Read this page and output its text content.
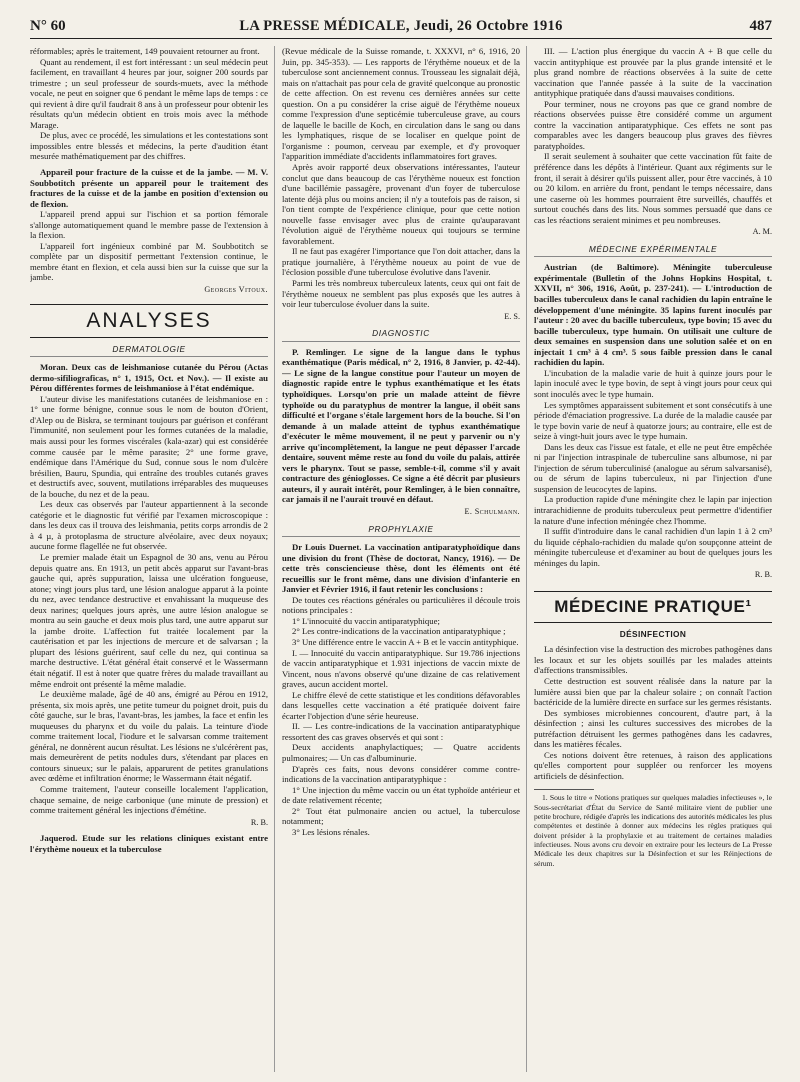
N° 60	LA PRESSE MÉDICALE, Jeudi, 26 Octobre 1916	487

réformables; après le traitement, 149 pouvaient retourner au front.

Quant au rendement, il est fort intéressant : un seul médecin peut facilement, en travaillant 4 heures par jour, soigner 200 sourds par trimestre ; un seul professeur de sourds-muets, avec la méthode vocale, ne peut en soigner que 6 pendant le même laps de temps : ce qui revient à dire qu'il faudrait 8 ans à un professeur pour obtenir les résultats qu'un médecin obtient en trois mois avec la méthode Marage.

De plus, avec ce procédé, les simulations et les contestations sont impossibles entre blessés et médecins, la perte d'audition étant mesurée mathématiquement par des chiffres.

Appareil pour fracture de la cuisse et de la jambe. — M. V. Soubbotitch présente un appareil pour le traitement des fractures de la cuisse et de la jambe en position d'extension ou de flexion.

L'appareil prend appui sur l'ischion et sa portion fémorale s'allonge automatiquement quand le membre passe de l'extension à la flexion.

L'appareil fort ingénieux combiné par M. Soubbotitch se complète par un dispositif permettant l'extension continue, le membre étant en flexion, et cela aussi bien sur la cuisse que sur la jambe.

Georges Vitoux.
ANALYSES
DERMATOLOGIE

Moran. Deux cas de leishmaniose cutanée du Pérou (Actas dermo-sifiliograficas, n° 1, 1915, Oct. et Nov.). — Il existe au Pérou différentes formes de leishmaniose à l'état endémique.

L'auteur divise les manifestations cutanées de leishmaniose en : 1° une forme bénigne, connue sous le nom de bouton d'Orient, d'Alep ou de Biskra, se terminant toujours par guérison et conférant l'immunité, non seulement pour les formes cutanées de la maladie, mais aussi pour les formes viscérales (kala-azar) qui est considérée comme causée par le même parasite; 2° une forme grave, endémique dans l'Amérique du Sud, connue sous le nom d'ulcère brésilien, Bauru, Spundia, qui entraîne des troubles cutanés graves et destructifs avec, souvent, mutilations irréparables des muqueuses de la bouche, du nez et de la peau.

Les deux cas observés par l'auteur appartiennent à la seconde catégorie et le diagnostic fut vérifié par l'examen microscopique : dans les deux cas il trouva des leishmania, petits corps arrondis de 2 à 4 µ, à protoplasma de structure alvéolaire, avec deux noyaux; aucune forme flagellée ne fut observée.

Le premier malade était un Espagnol de 30 ans, venu au Pérou depuis quatre ans. En 1913, un petit abcès apparut sur l'avant-bras gauche qui, après suppuration, laissa une ulcération fongueuse, atone; vingt jours plus tard, une lésion analogue apparut à la pointe du nez, avec tendance destructive et envahissant la muqueuse des deux narines; quelques jours après, une autre lésion analogue se montra au sein gauche et deux mois plus tard, une autre apparut sur la jambe droite. L'affection fut traitée localement par la cautérisation et par les injections de mercure et de salvarsan ; la plupart des lésions guérirent, sauf celle du nez, qui continua sa marche destructive. L'état général était conservé et le Wassermann était négatif. Il est à noter que quatre frères du malade travaillant au même endroit ont présenté la même maladie.

Le deuxième malade, âgé de 40 ans, émigré au Pérou en 1912, présenta, six mois après, une petite tumeur du poignet droit, puis du côté gauche, sur le bras, l'avant-bras, les jambes, la face et enfin les muqueuses du pharynx et du voile du palais. La teinture d'iode comme traitement local, l'iodure et le salvarsan comme traitement général, ne donnèrent aucun résultat. Les lésions ne s'ulcérèrent pas, mais demeurèrent de petits nodules durs, s'étendant par places en contours sinueux; sur le palais, apparurent de petites granulations avec œdème et infiltration énorme; le Wassermann était négatif.

Comme traitement, l'auteur conseille localement l'application, chaque semaine, de neige carbonique (une minute de pression) et comme traitement général les injections d'émétine.

R. B.

Jaquerod. Etude sur les relations cliniques existant entre l'érythème noueux et la tuberculose

(Revue médicale de la Suisse romande, t. XXXVI, n° 6, 1916, 20 Juin, pp. 345-353). — Les rapports de l'érythème noueux et de la tuberculose sont anciennement connus. Trousseau les signalait déjà, mais on n'attachait pas pour cela de gravité quelconque au pronostic de cette affection. On est revenu ces dernières années sur cette question. On a pu considérer la crise aiguë de l'érythème noueux comme l'expression d'une septicémie tuberculeuse grave, au cours de laquelle le bacille de Koch, en circulation dans le sang ou dans les lymphatiques, risque de se localiser en quelque point de l'organisme : poumon, cerveau par exemple, et d'y provoquer l'apparition immédiate d'accidents inflammatoires fort graves.

Après avoir rapporté deux observations intéressantes, l'auteur conclut que dans beaucoup de cas l'érythème noueux est fonction d'une bacillémie passagère, provenant d'un foyer de tuberculose latente déjà plus ou moins ancien; il n'y a toutefois pas de raison, si l'on tient compte de l'expérience clinique, pour que cette notion nouvelle fasse envisager avec plus de crainte qu'auparavant l'évolution aiguë de l'érythème noueux qui toujours se termine favorablement.

Il ne faut pas exagérer l'importance que l'on doit attacher, dans la pratique journalière, à l'érythème noueux au point de vue de l'éclosion possible d'une tuberculose évolutive dans l'avenir.

Parmi les très nombreux tuberculeux latents, ceux qui ont fait de l'érythème noueux ne semblent pas plus exposés que les autres à voir leur tuberculose évoluer dans la suite.

E. S.
DIAGNOSTIC

P. Remlinger. Le signe de la langue dans le typhus exanthématique (Paris médical, n° 2, 1916, 8 Janvier, p. 42-44). — Le signe de la langue constitue pour l'auteur un moyen de diagnostic rapide entre le typhus exanthématique et les états typhoïdiques. Lorsqu'on prie un malade atteint de fièvre typhoïde ou du paratyphus de montrer la langue, il obéit sans difficulté et l'organe s'étale largement hors de la bouche. Si l'on demande à un malade atteint de typhus exanthématique d'exécuter le même mouvement, il ne peut y parvenir ou n'y arrive qu'incomplètement, la langue ne peut dépasser l'arcade dentaire, souvent même reste au fond du voile du palais, attirée vers le pharynx. Tout se passe, semble-t-il, comme s'il y avait contracture des génioglosses. Ce signe a été décrit par plusieurs auteurs, il y aurait intérêt, pour Remlinger, à le bien connaître, car jamais il ne l'aurait trouvé en défaut.

E. Schulmann.
PROPHYLAXIE

Dr Louis Duernet. La vaccination antiparatyphoïdique dans une division du front (Thèse de doctorat, Nancy, 1916). — De cette très consciencieuse thèse, dont les éléments ont été recueillis sur le front même, dans une division d'infanterie en Janvier et Février 1916, il faut retenir les conclusions :

De toutes ces réactions générales ou particulières il découle trois notions principales :

1° L'innocuité du vaccin antiparatyphique;

2° Les contre-indications de la vaccination antiparatyphique ;

3° Une différence entre le vaccin A + B et le vaccin antityphique.

I. — Innocuité du vaccin antiparatyphique. Sur 19.786 injections de vaccin antiparatyphique et 1.931 injections de vaccin mixte de Vincent, nous n'avons observé qu'une dizaine de cas relativement graves, aucun accident mortel.

Le chiffre élevé de cette statistique et les conditions défavorables dans lesquelles cette vaccination a été pratiquée doivent faire écarter l'objection d'une série heureuse.

II. — Les contre-indications de la vaccination antiparatyphique ressortent des cas graves observés et qui sont :

Deux accidents anaphylactiques; — Quatre accidents pulmonaires; — Un cas d'albuminurie.

D'après ces faits, nous devons considérer comme contre-indications de la vaccination antiparatyphique :

1° Une injection du même vaccin ou un état typhoïde antérieur et de date relativement récente;

2° Tout état pulmonaire ancien ou actuel, la tuberculose notamment;

3° Les lésions rénales.

III. — L'action plus énergique du vaccin A + B que celle du vaccin antityphique est prouvée par la plus grande intensité et le plus grand nombre de réactions observées à la suite de cette vaccination que l'année passée à la suite de la vaccination antityphique pratiquée dans d'aussi mauvaises conditions.

Pour terminer, nous ne croyons pas que ce grand nombre de réactions observées puisse être considéré comme un argument contre la vaccination antiparatyphique. Ces effets ne sont pas comparables avec les dangers beaucoup plus graves des fièvres paratyphoïdes.

Il serait seulement à souhaiter que cette vaccination fût faite de préférence dans les dépôts à l'intérieur. Quant aux régiments sur le front, il serait à désirer qu'ils puissent aller, pour être vaccinés, à 10 ou 20 kilom. en arrière du front, pendant le temps nécessaire, dans une caserne où les hommes pourraient être surveillés, chauffés et surtout couchés dans des lits. Nous sommes persuadé que dans ce cas les réactions seraient minimes et peu nombreuses.

A. M.
MÉDECINE EXPÉRIMENTALE

Austrian (de Baltimore). Méningite tuberculeuse expérimentale (Bulletin of the Johns Hopkins Hospital, t. XXVII, n° 306, 1916, Août, p. 237-241). — L'introduction de bacilles tuberculeux dans le canal rachidien du lapin entraîne le développement d'une méningite. 35 lapins furent inoculés par l'auteur : 20 avec du bacille tuberculeux, type bovin; 15 avec du bacille tuberculeux, type humain. On utilisait une culture de deux semaines en suspension dans une solution salée et on en injectait 1 cm³ à 4 cm³. 5 sous faible pression dans le canal rachidien du lapin.

L'incubation de la maladie varie de huit à quinze jours pour le lapin inoculé avec le type bovin, de sept à vingt jours pour ceux qui sont inoculés avec le type humain.

Les symptômes apparaissent subitement et sont consécutifs à une période d'émaciation progressive. La durée de la maladie causée par le type bovin varie de neuf à quatorze jours; au contraire, elle est de seize à vingt-huit jours avec le type humain.

Dans les deux cas l'issue est fatale, et elle ne peut être empêchée ni par l'injection intraspinale de tuberculine sans albumose, ni par l'injection de sérum tuberculinisé (analogue au sérum salvarsanisé), ou de sérum de lapins tuberculeux, ni par l'injection d'une suspension de leucocytes de lapins.

La production rapide d'une méningite chez le lapin par injection intrarachidienne de produits tuberculeux peut permettre d'identifier la nature d'une infection méningée chez l'homme.

Il suffit d'introduire dans le canal rachidien d'un lapin 1 à 2 cm³ du liquide céphalo-rachidien du malade qu'on soupçonne atteint de méningite tuberculeuse et d'examiner au bout de quelques jours les méninges du lapin.

R. B.
MÉDECINE PRATIQUE¹
DÉSINFECTION

La désinfection vise la destruction des microbes pathogènes dans les locaux et sur les objets souillés par les malades atteints d'affections transmissibles.

Cette destruction est souvent réalisée dans la nature par la lumière aussi bien que par la chaleur solaire ; on connaît l'action bactéricide de la lumière directe en surface sur les germes résistants.

Des symbioses microbiennes concourent, d'autre part, à la désinfection ; ainsi les cultures successives des microbes de la putréfaction détruisent les germes pathogènes dans les cadavres, dans les matières fécales.

Ces notions doivent être retenues, à raison des applications qu'elles comportent pour suppléer ou renforcer les moyens artificiels de désinfection.

1. Sous le titre « Notions pratiques sur quelques maladies infectieuses », le Sous-secrétariat d'État du Service de Santé militaire vient de publier une petite brochure, rédigée d'après les indications des autorités médicales les plus compétentes et destinée à donner aux médecins les règles pratiques qui doivent présider à la prophylaxie et au traitement de certaines maladies infectieuses. Nous avons cru devoir en extraire pour les lecteurs de La Presse Médicale les deux chapitres sur la Désinfection et sur les Réinjections de sérum.
